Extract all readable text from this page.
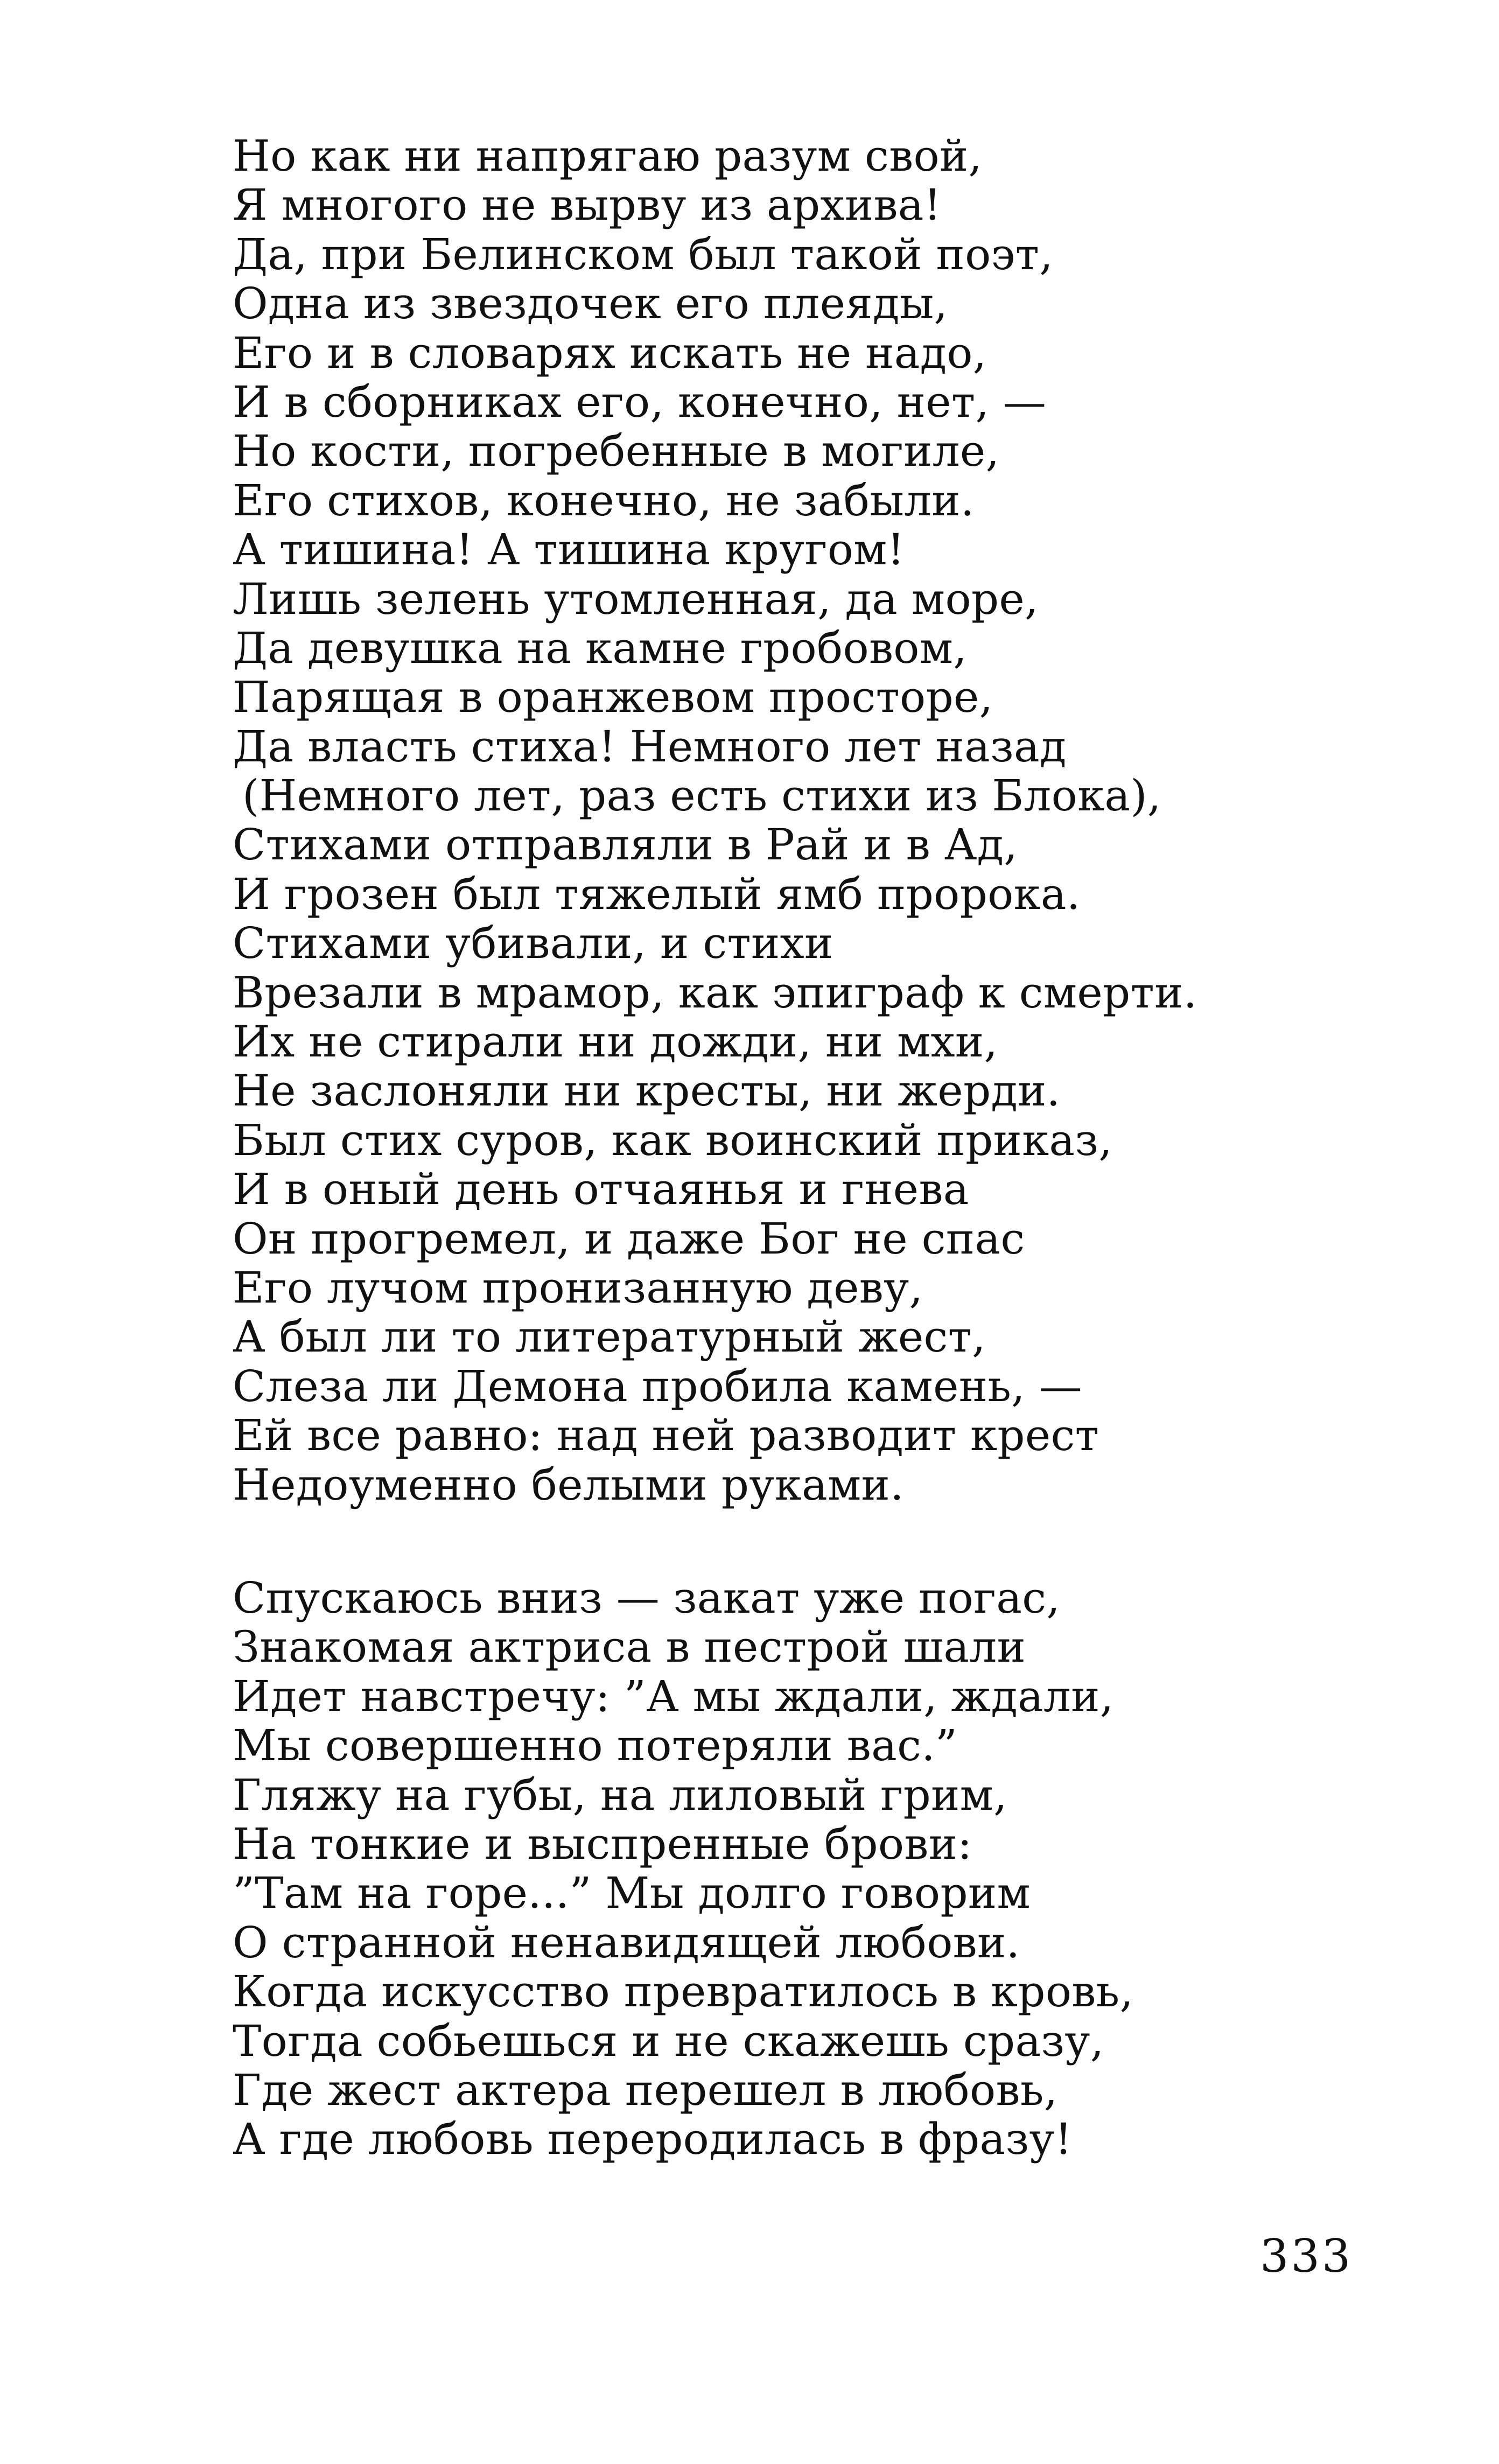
Но как ни напрягаю разум свой,
Я многого не вырву из архива!
Да, при Белинском был такой поэт,
Одна из звездочек его плеяды,
Его и в словарях искать не надо,
И в сборниках его, конечно, нет, —
Но кости, погребенные в могиле,
Его стихов, конечно, не забыли.
А тишина! А тишина кругом!
Лишь зелень утомленная, да море,
Да девушка на камне гробовом,
Парящая в оранжевом просторе,
Да власть стиха! Немного лет назад
(Немного лет, раз есть стихи из Блока),
Стихами отправляли в Рай и в Ад,
И грозен был тяжелый ямб пророка.
Стихами убивали, и стихи
Врезали в мрамор, как эпиграф к смерти.
Их не стирали ни дожди, ни мхи,
Не заслоняли ни кресты, ни жерди.
Был стих суров, как воинский приказ,
И в оный день отчаянья и гнева
Он прогремел, и даже Бог не спас
Его лучом пронизанную деву,
А был ли то литературный жест,
Слеза ли Демона пробила камень, —
Ей все равно: над ней разводит крест
Недоуменно белыми руками.
Спускаюсь вниз — закат уже погас,
Знакомая актриса в пестрой шали
Идет навстречу: ”А мы ждали, ждали,
Мы совершенно потеряли вас.”
Гляжу на губы, на лиловый грим,
На тонкие и выспренные брови:
”Там на горе...” Мы долго говорим
О странной ненавидящей любови.
Когда искусство превратилось в кровь,
Тогда собьешься и не скажешь сразу,
Где жест актера перешел в любовь,
А где любовь переродилась в фразу!
333
